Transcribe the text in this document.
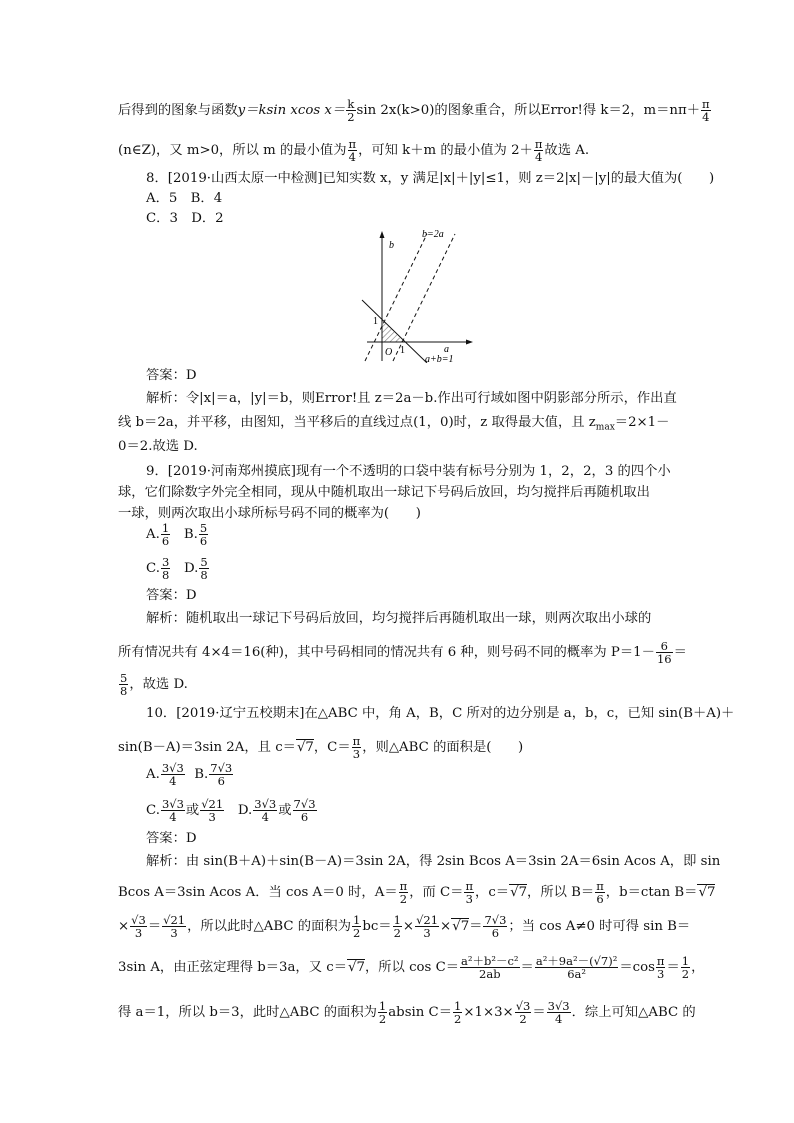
后得到的图象与函数y＝ksin xcos $x= \frac{k}{2}$ sin 2x(k>0)的图象重合，所以Error!得 k＝2，$m=n\pi+ \frac{\pi}{4}$
(n∈Z)，又 m>0，所以 m 的最小值为 $\frac{\pi}{4}$ ，可知 k＋m 的最小值为 $2+ \frac{\pi}{4}$ 故选 A.
8．[2019·山西太原一中检测]已知实数 x，y 满足|x|＋|y|≤1，则 z＝2|x|－|y|的最大值为(　　)
A．5　B．4
C．3　D．2
b
b=2a
1
O 1	a
a+b=1
答案：D
解析：令|x|＝a，|y|＝b，则Error!且 z＝2a－b.作出可行域如图中阴影部分所示，作出直
线 b＝2a，并平移，由图知，当平移后的直线过点(1，0)时，z 取得最大值，且 $z_{max}=2\times 1-$
0＝2.故选 D.
9．[2019·河南郑州摸底]现有一个不透明的口袋中装有标号分别为 1，2，2，3 的四个小
球，它们除数字外完全相同，现从中随机取出一球记下号码后放回，均匀搅拌后再随机取出
一球，则两次取出小球所标号码不同的概率为(　　)
A. $\frac{1}{6} B$. $\frac{5}{6}$
C. $\frac{3}{8} D$. $\frac{5}{8}$
答案：D
解析：随机取出一球记下号码后放回，均匀搅拌后再随机取出一球，则两次取出小球的
所有情况共有 4×4＝16(种)，其中号码相同的情况共有 6 种，则号码不同的概率为 $P=1- \frac{6}{16}$ ＝
$\frac{5}{8}$ ，故选 D.
10．[2019·辽宁五校期末]在△ABC 中，角 A，B，C 所对的边分别是 a，b，c，已知 sin(B＋A)＋
sin(B－A)＝3sin 2A，且 c＝√7，$C= \frac{\pi}{3}$ ，则△ABC 的面积是(　　)
A. $\frac{3√3}{4} B$. $\frac{7√3}{6}$
C. $\frac{3√3}{4}$ 或 $\frac{√21}{3} D$. $\frac{3√3}{4}$ 或 $\frac{7√3}{6}$
答案：D
解析：由 sin(B＋A)＋sin(B－A)＝3sin 2A，得 2sin Bcos A＝3sin 2A＝6sin Acos A，即 sin
Bcos A＝3sin Acos A．当 cos A＝0 时，$A= \frac{\pi}{2}$ ，而 $C= \frac{\pi}{3}$ ，c＝√7，所以 $B= \frac{\pi}{6}$ ，b＝ctan B＝√7
× $\frac{√3}{3} = \frac{√21}{3}$ ，所以此时△ABC 的面积为 $\frac{1}{2} bc= \frac{1}{2} \times \frac{√21}{3} \times√7= \frac{7√3}{6}$ ；当 cos A≠0 时可得 sin B＝
3sin A，由正弦定理得 b＝3a，又 c＝√7，所以 $\cos C= \frac{\text{a²＋b²－c²}}{2ab} = \frac{\text{a²＋9a²－(√7)²}}{\text{6a²}} =\cos \frac{\pi}{3} = \frac{1}{2}$ ，
得 a＝1，所以 b＝3，此时△ABC 的面积为 $\frac{1}{2}$ absin $C= \frac{1}{2} \times 1\times 3\times \frac{√3}{2} = \frac{3√3}{4}$ ．综上可知△ABC 的
